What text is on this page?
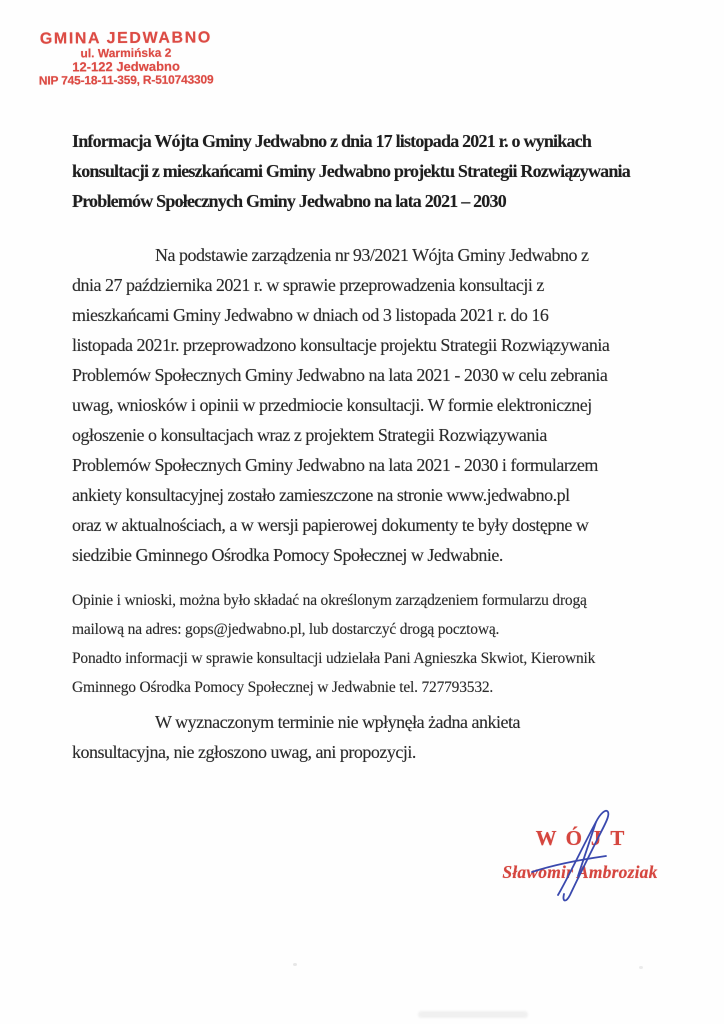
GMINA JEDWABNO
ul. Warmińska 2
12-122 Jedwabno
NIP 745-18-11-359, R-510743309
Informacja Wójta Gminy Jedwabno z dnia 17 listopada 2021 r. o wynikach
konsultacji z mieszkańcami Gminy Jedwabno projektu Strategii Rozwiązywania
Problemów Społecznych Gminy Jedwabno na lata 2021 – 2030
Na podstawie zarządzenia nr 93/2021 Wójta Gminy Jedwabno z
dnia 27 października 2021 r. w sprawie przeprowadzenia konsultacji z
mieszkańcami Gminy Jedwabno w dniach od 3 listopada 2021 r. do 16
listopada 2021r. przeprowadzono konsultacje projektu Strategii Rozwiązywania
Problemów Społecznych Gminy Jedwabno na lata 2021 - 2030 w celu zebrania
uwag, wniosków i opinii w przedmiocie konsultacji. W formie elektronicznej
ogłoszenie o konsultacjach wraz z projektem Strategii Rozwiązywania
Problemów Społecznych Gminy Jedwabno na lata 2021 - 2030 i formularzem
ankiety konsultacyjnej zostało zamieszczone na stronie www.jedwabno.pl
oraz w aktualnościach, a w wersji papierowej dokumenty te były dostępne w
siedzibie Gminnego Ośrodka Pomocy Społecznej w Jedwabnie.
Opinie i wnioski, można było składać na określonym zarządzeniem formularzu drogą
mailową na adres: gops@jedwabno.pl, lub dostarczyć drogą pocztową.
Ponadto informacji w sprawie konsultacji udzielała Pani Agnieszka Skwiot, Kierownik
Gminnego Ośrodka Pomocy Społecznej w Jedwabnie tel. 727793532.
W wyznaczonym terminie nie wpłynęła żadna ankieta
konsultacyjna, nie zgłoszono uwag, ani propozycji.
WÓJT
Sławomir Ambroziak
